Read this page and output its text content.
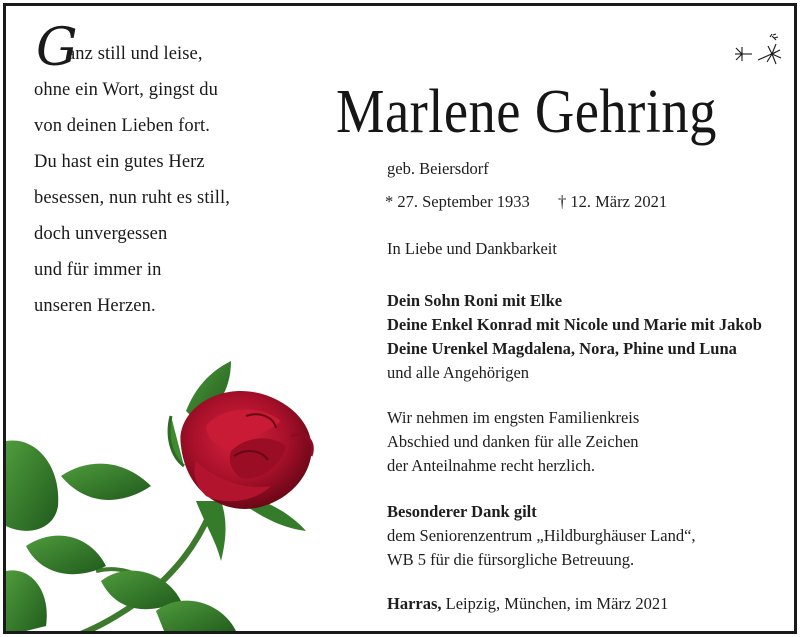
G
anz still und leise,
ohne ein Wort, gingst du
von deinen Lieben fort.
Du hast ein gutes Herz
besessen, nun ruht es still,
doch unvergessen
und für immer in
unseren Herzen.
Marlene Gehring
geb. Beiersdorf
* 27. September 1933 † 12. März 2021
In Liebe und Dankbarkeit
Dein Sohn Roni mit Elke
Deine Enkel Konrad mit Nicole und Marie mit Jakob
Deine Urenkel Magdalena, Nora, Phine und Luna
und alle Angehörigen
Wir nehmen im engsten Familienkreis
Abschied und danken für alle Zeichen
der Anteilnahme recht herzlich.
Besonderer Dank gilt
dem Seniorenzentrum „Hildburghäuser Land“,
WB 5 für die fürsorgliche Betreuung.
Harras, Leipzig, München, im März 2021
